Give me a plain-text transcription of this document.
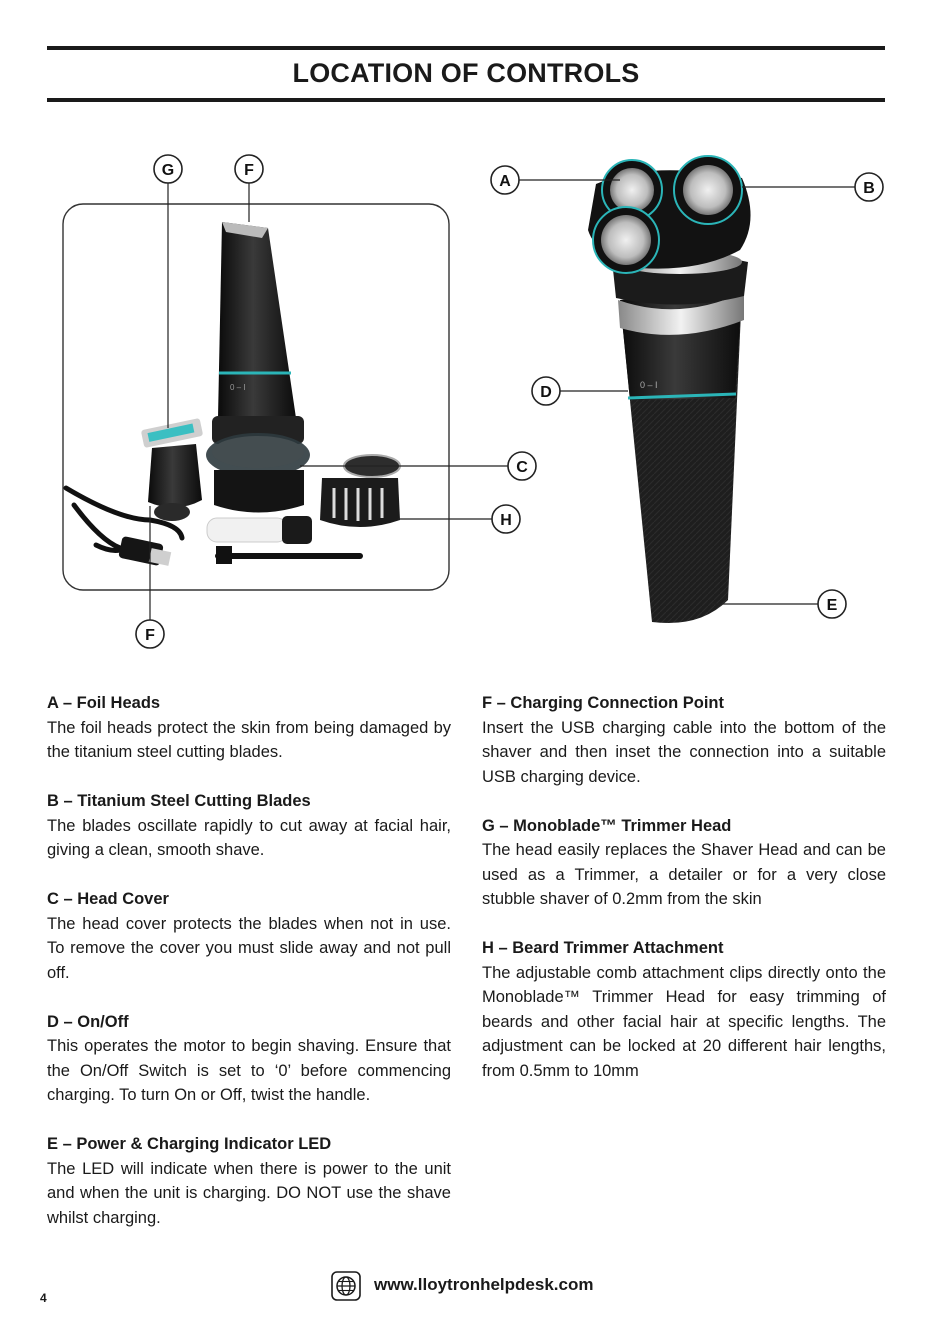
LOCATION OF CONTROLS
0 – I	0 – I
G	F
F
A	B
C
D
H
E
A – Foil Heads

The foil heads protect the skin from being damaged by the titanium steel cutting blades.

B – Titanium Steel Cutting Blades

The blades oscillate rapidly to cut away at facial hair, giving a clean, smooth shave.

C – Head Cover

The head cover protects the blades when not in use. To remove the cover you must slide away and not pull off.

D – On/Off

This operates the motor to begin shaving. Ensure that the On/Off Switch is set to ‘0’ before commencing charging. To turn On or Off, twist the handle.

E – Power & Charging Indicator LED

The LED will indicate when there is power to the unit and when the unit is charging. DO NOT use the shave whilst charging.

F – Charging Connection Point

Insert the USB charging cable into the bottom of the shaver and then inset the connection into a suitable USB charging device.

G – Monoblade™ Trimmer Head

The head easily replaces the Shaver Head and can be used as a Trimmer, a detailer or for a very close stubble shaver of 0.2mm from the skin

H – Beard Trimmer Attachment

The adjustable comb attachment clips directly onto the Monoblade™ Trimmer Head for easy trimming of beards and other facial hair at specific lengths. The adjustment can be locked at 20 different hair lengths, from 0.5mm to 10mm

www.lloytronhelpdesk.com
4
